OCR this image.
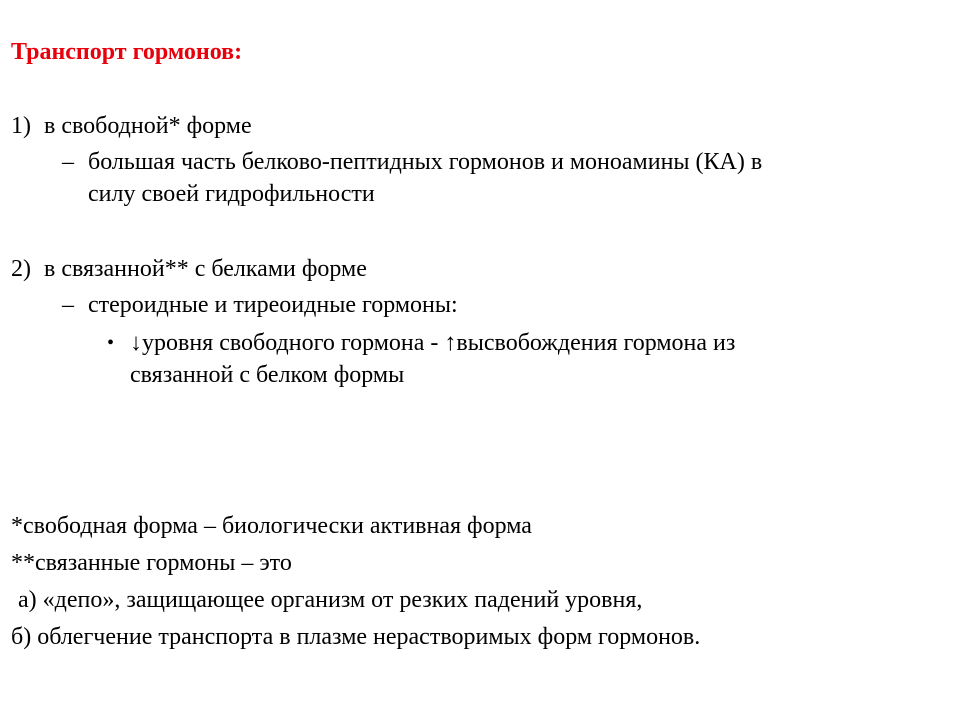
Транспорт гормонов:
1) в свободной* форме
– большая часть белково-пептидных гормонов и моноамины (КА) в
силу своей гидрофильности
2) в связанной** с белками форме
– стероидные и тиреоидные гормоны:
• ↓уровня свободного гормона - ↑высвобождения гормона из
связанной с белком формы
*свободная форма – биологически активная форма
**связанные гормоны – это
а) «депо», защищающее организм от резких падений уровня,
б) облегчение транспорта в плазме нерастворимых форм гормонов.
